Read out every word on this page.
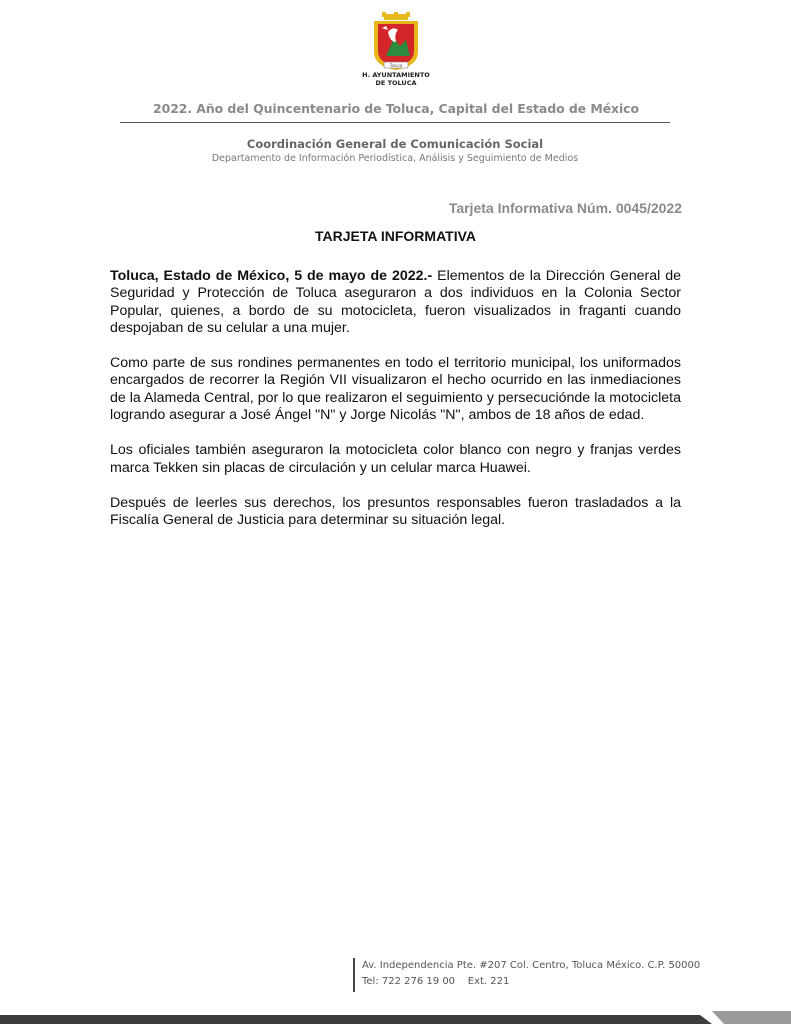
Toluca
H. AYUNTAMIENTO
DE TOLUCA
2022. Año del Quincentenario de Toluca, Capital del Estado de México
Coordinación General de Comunicación Social
Departamento de Información Periodística, Análisis y Seguimiento de Medios
Tarjeta Informativa Núm. 0045/2022
TARJETA INFORMATIVA

Toluca, Estado de México, 5 de mayo de 2022.- Elementos de la Dirección General de Seguridad y Protección de Toluca aseguraron a dos individuos en la Colonia Sector Popular, quienes, a bordo de su motocicleta, fueron visualizados in fraganti cuando despojaban de su celular a una mujer.

Como parte de sus rondines permanentes en todo el territorio municipal, los uniformados encargados de recorrer la Región VII visualizaron el hecho ocurrido en las inmediaciones de la Alameda Central, por lo que realizaron el seguimiento y persecuciónde la motocicleta logrando asegurar a José Ángel "N" y Jorge Nicolás "N", ambos de 18 años de edad.

Los oficiales también aseguraron la motocicleta color blanco con negro y franjas verdes marca Tekken sin placas de circulación y un celular marca Huawei.

Después de leerles sus derechos, los presuntos responsables fueron trasladados a la Fiscalía General de Justicia para determinar su situación legal.

Av. Independencia Pte. #207 Col. Centro, Toluca México. C.P. 50000
Tel: 722 276 19 00    Ext. 221
